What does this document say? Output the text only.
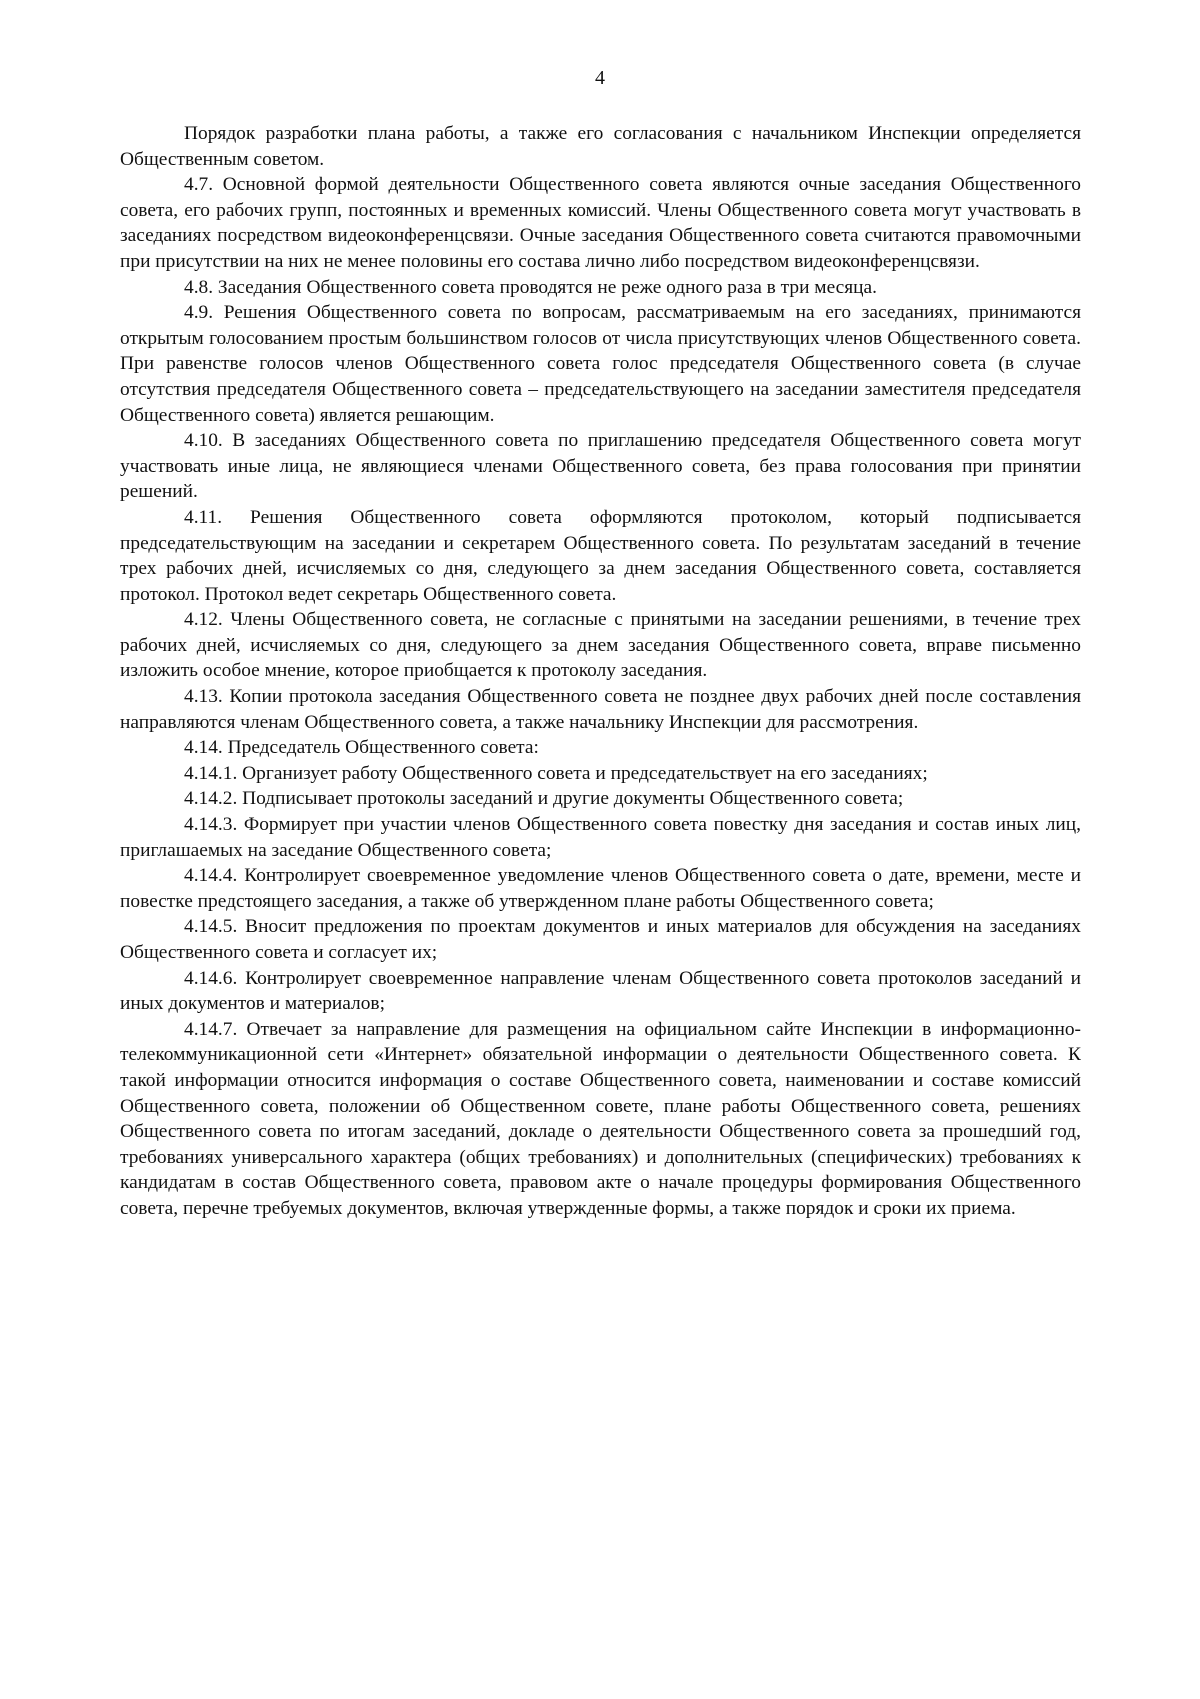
4

Порядок разработки плана работы, а также его согласования с начальником Инспекции определяется Общественным советом.

4.7. Основной формой деятельности Общественного совета являются очные заседания Общественного совета, его рабочих групп, постоянных и временных комиссий. Члены Общественного совета могут участвовать в заседаниях посредством видеоконференцсвязи. Очные заседания Общественного совета считаются правомочными при присутствии на них не менее половины его состава лично либо посредством видеоконференцсвязи.

4.8. Заседания Общественного совета проводятся не реже одного раза в три месяца.

4.9. Решения Общественного совета по вопросам, рассматриваемым на его заседаниях, принимаются открытым голосованием простым большинством голосов от числа присутствующих членов Общественного совета. При равенстве голосов членов Общественного совета голос председателя Общественного совета (в случае отсутствия председателя Общественного совета – председательствующего на заседании заместителя председателя Общественного совета) является решающим.

4.10. В заседаниях Общественного совета по приглашению председателя Общественного совета могут участвовать иные лица, не являющиеся членами Общественного совета, без права голосования при принятии решений.

4.11. Решения Общественного совета оформляются протоколом, который подписывается председательствующим на заседании и секретарем Общественного совета. По результатам заседаний в течение трех рабочих дней, исчисляемых со дня, следующего за днем заседания Общественного совета, составляется протокол. Протокол ведет секретарь Общественного совета.

4.12. Члены Общественного совета, не согласные с принятыми на заседании решениями, в течение трех рабочих дней, исчисляемых со дня, следующего за днем заседания Общественного совета, вправе письменно изложить особое мнение, которое приобщается к протоколу заседания.

4.13. Копии протокола заседания Общественного совета не позднее двух рабочих дней после составления направляются членам Общественного совета, а также начальнику Инспекции для рассмотрения.

4.14. Председатель Общественного совета:

4.14.1. Организует работу Общественного совета и председательствует на его заседаниях;

4.14.2. Подписывает протоколы заседаний и другие документы Общественного совета;

4.14.3. Формирует при участии членов Общественного совета повестку дня заседания и состав иных лиц, приглашаемых на заседание Общественного совета;

4.14.4. Контролирует своевременное уведомление членов Общественного совета о дате, времени, месте и повестке предстоящего заседания, а также об утвержденном плане работы Общественного совета;

4.14.5. Вносит предложения по проектам документов и иных материалов для обсуждения на заседаниях Общественного совета и согласует их;

4.14.6. Контролирует своевременное направление членам Общественного совета протоколов заседаний и иных документов и материалов;

4.14.7. Отвечает за направление для размещения на официальном сайте Инспекции в информационно-телекоммуникационной сети «Интернет» обязательной информации о деятельности Общественного совета. К такой информации относится информация о составе Общественного совета, наименовании и составе комиссий Общественного совета, положении об Общественном совете, плане работы Общественного совета, решениях Общественного совета по итогам заседаний, докладе о деятельности Общественного совета за прошедший год, требованиях универсального характера (общих требованиях) и дополнительных (специфических) требованиях к кандидатам в состав Общественного совета, правовом акте о начале процедуры формирования Общественного совета, перечне требуемых документов, включая утвержденные формы, а также порядок и сроки их приема.
